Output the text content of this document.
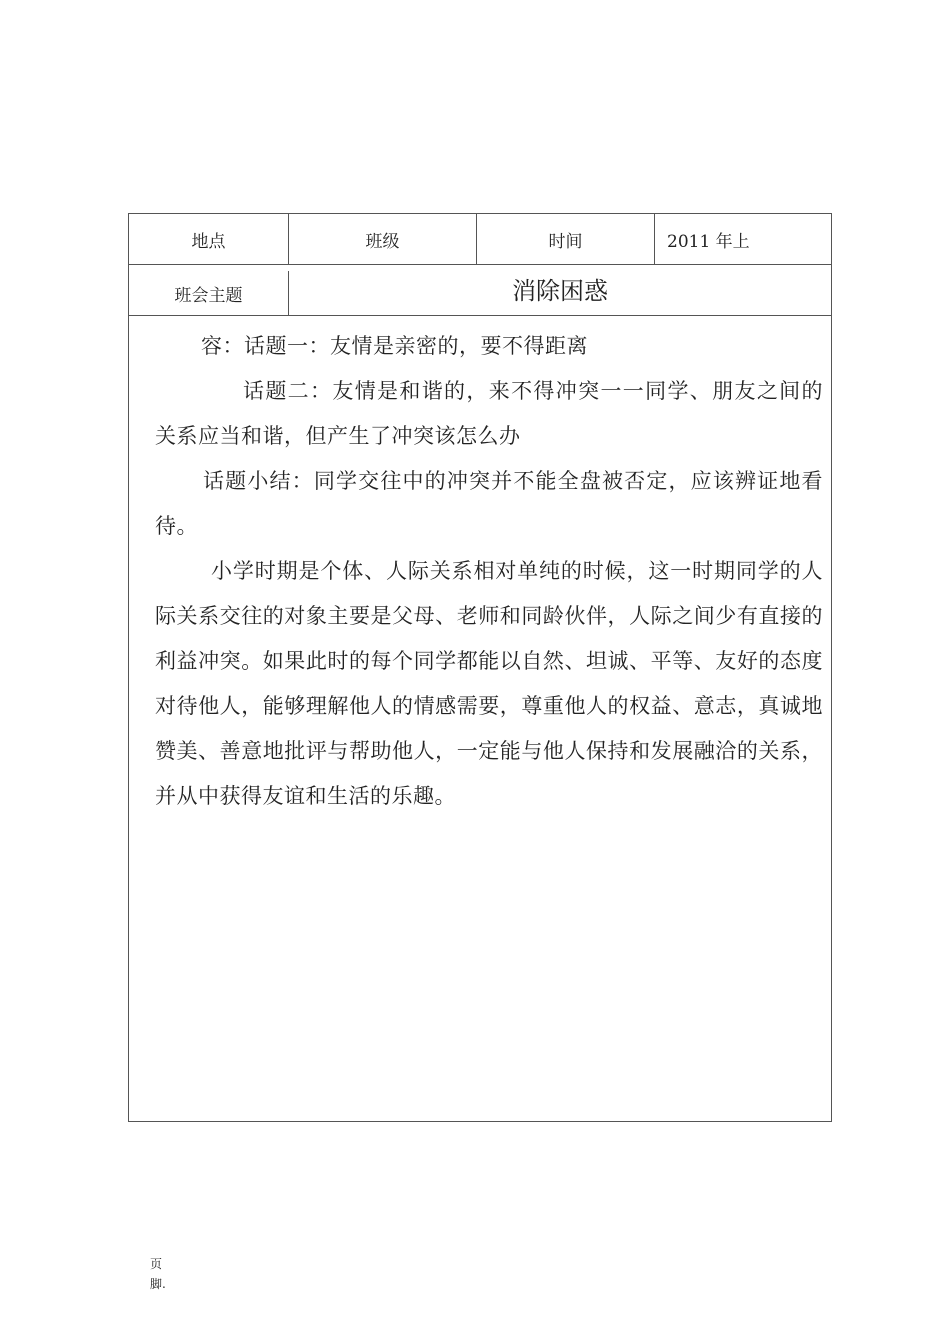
地点	班级	时间	2011 年上
班会主题	消除困惑

容：话题一：友情是亲密的，要不得距离

话题二：友情是和谐的，来不得冲突一一同学、朋友之间的关系应当和谐，但产生了冲突该怎么办

话题小结：同学交往中的冲突并不能全盘被否定，应该辨证地看待。

小学时期是个体、人际关系相对单纯的时候，这一时期同学的人际关系交往的对象主要是父母、老师和同龄伙伴，人际之间少有直接的利益冲突。如果此时的每个同学都能以自然、坦诚、平等、友好的态度对待他人，能够理解他人的情感需要，尊重他人的权益、意志，真诚地赞美、善意地批评与帮助他人，一定能与他人保持和发展融洽的关系，并从中获得友谊和生活的乐趣。

页
脚.
